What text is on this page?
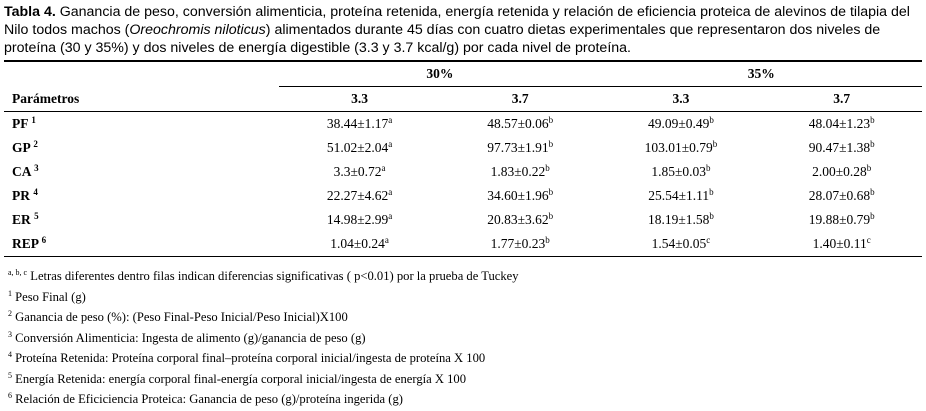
Tabla 4. Ganancia de peso, conversión alimenticia, proteína retenida, energía retenida y relación de eficiencia proteica de alevinos de tilapia del Nilo todos machos (Oreochromis niloticus) alimentados durante 45 días con cuatro dietas experimentales que representaron dos niveles de proteína (30 y 35%) y dos niveles de energía digestible (3.3 y 3.7 kcal/g) por cada nivel de proteína.
	30%		35%	
Parámetros	3.3	3.7	3.3	3.7
PF $^1$	38.44±1.17$^a$	48.57±0.06$^b$	49.09±0.49$^b$	48.04±1.23$^b$
GP $^2$	51.02±2.04$^a$	97.73±1.91$^b$	103.01±0.79$^b$	90.47±1.38$^b$
CA $^3$	3.3±0.72$^a$	1.83±0.22$^b$	1.85±0.03$^b$	2.00±0.28$^b$
PR $^4$	22.27±4.62$^a$	34.60±1.96$^b$	25.54±1.11$^b$	28.07±0.68$^b$
ER $^5$	14.98±2.99$^a$	20.83±3.62$^b$	18.19±1.58$^b$	19.88±0.79$^b$
REP $^6$	1.04±0.24$^a$	1.77±0.23$^b$	1.54±0.05$^c$	1.40±0.11$^c$
$^{a, b, c}$ Letras diferentes dentro filas indican diferencias significativas ( p<0.01) por la prueba de Tuckey
$^1$ Peso Final (g)
$^2$ Ganancia de peso (%): (Peso Final-Peso Inicial/Peso Inicial)X100
$^3$ Conversión Alimenticia: Ingesta de alimento (g)/ganancia de peso (g)
$^4$ Proteína Retenida: Proteína corporal final–proteína corporal inicial/ingesta de proteína X 100
$^5$ Energía Retenida: energía corporal final-energía corporal inicial/ingesta de energía X 100
$^6$ Relación de Eficiciencia Proteica: Ganancia de peso (g)/proteína ingerida (g)
